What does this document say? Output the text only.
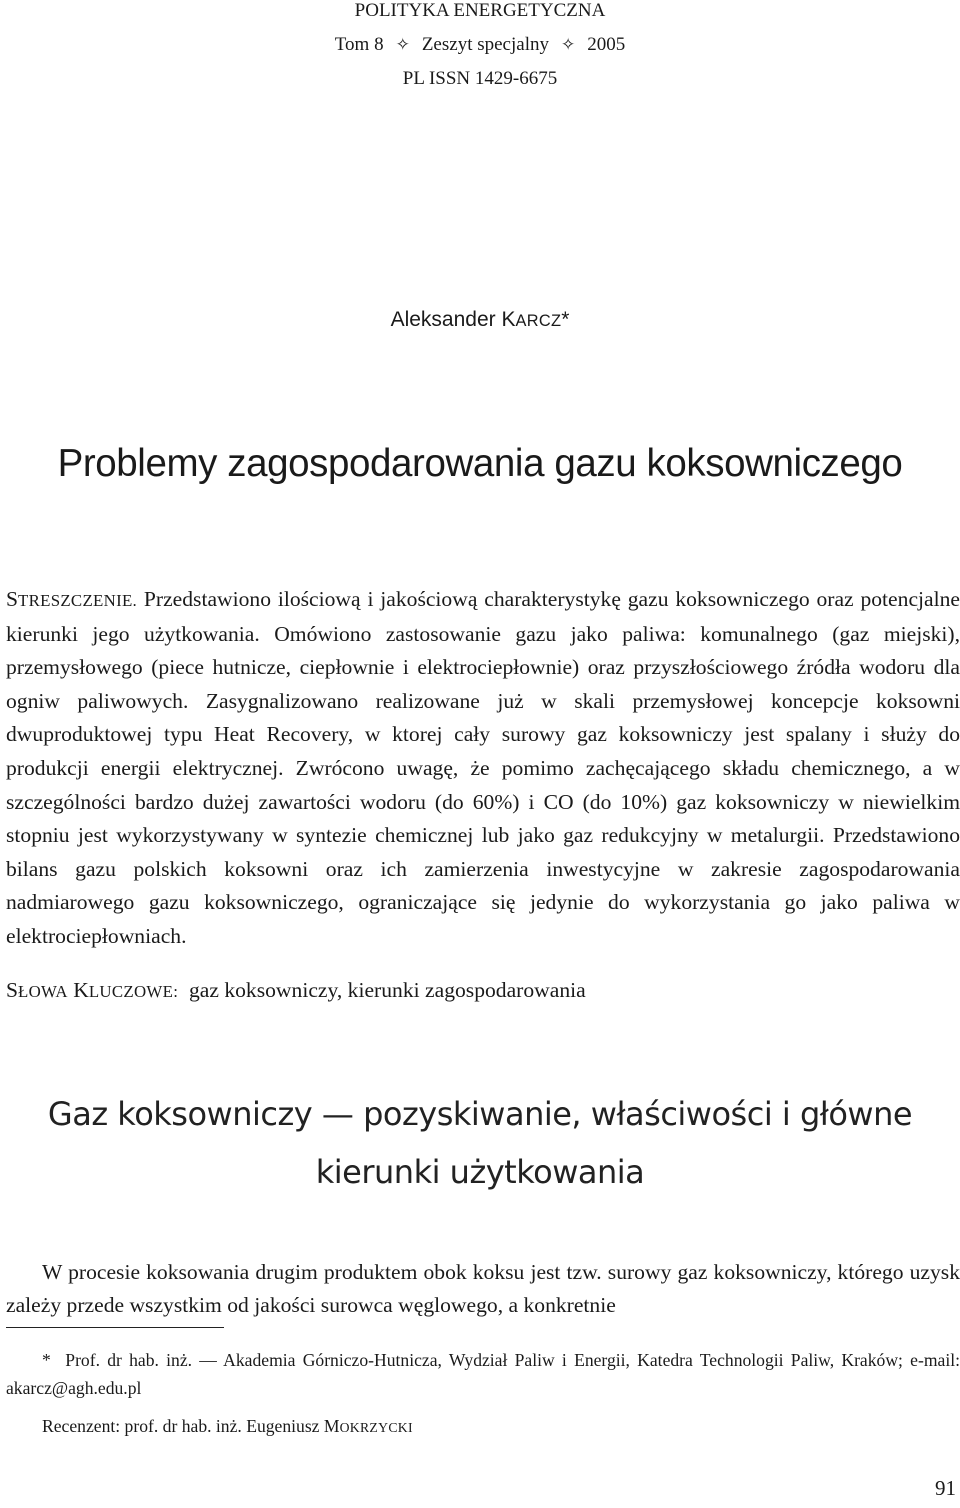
POLITYKA ENERGETYCZNA
Tom 8 ✧ Zeszyt specjalny ✧ 2005
PL ISSN 1429-6675
Aleksander KARCZ*
Problemy zagospodarowania gazu koksowniczego
STRESZCZENIE. Przedstawiono ilościową i jakościową charakterystykę gazu koksowniczego oraz potencjalne kierunki jego użytkowania. Omówiono zastosowanie gazu jako paliwa: komunalnego (gaz miejski), przemysłowego (piece hutnicze, ciepłownie i elektrociepłownie) oraz przyszłościowego źródła wodoru dla ogniw paliwowych. Zasygnalizowano realizowane już w skali przemysłowej koncepcje koksowni dwuproduktowej typu Heat Recovery, w ktorej cały surowy gaz koksowniczy jest spalany i służy do produkcji energii elektrycznej. Zwrócono uwagę, że pomimo zachęcającego składu chemicznego, a w szczególności bardzo dużej zawartości wodoru (do 60%) i CO (do 10%) gaz koksowniczy w niewielkim stopniu jest wykorzystywany w syntezie chemicznej lub jako gaz redukcyjny w metalurgii. Przedstawiono bilans gazu polskich koksowni oraz ich zamierzenia inwestycyjne w zakresie zagospodarowania nadmiarowego gazu koksowniczego, ograniczające się jedynie do wykorzystania go jako paliwa w elektrociepłowniach.
SŁOWA KLUCZOWE: gaz koksowniczy, kierunki zagospodarowania
Gaz koksowniczy — pozyskiwanie, właściwości i główne
kierunki użytkowania
W procesie koksowania drugim produktem obok koksu jest tzw. surowy gaz koksowniczy, którego uzysk zależy przede wszystkim od jakości surowca węglowego, a konkretnie
* Prof. dr hab. inż. — Akademia Górniczo-Hutnicza, Wydział Paliw i Energii, Katedra Technologii Paliw, Kraków; e-mail: akarcz@agh.edu.pl
Recenzent: prof. dr hab. inż. Eugeniusz MOKRZYCKI
91
